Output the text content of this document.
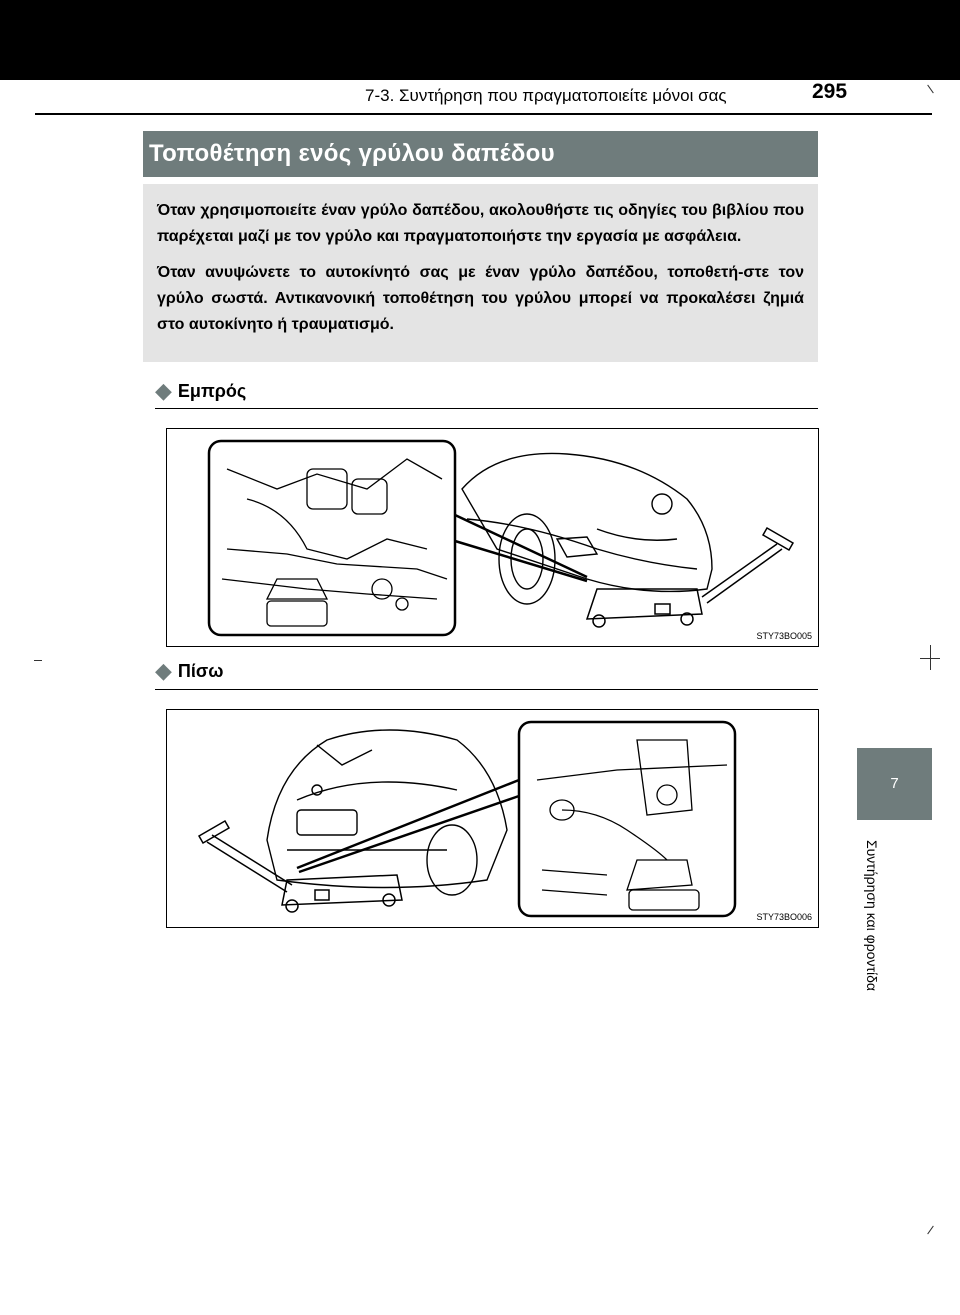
7-3. Συντήρηση που πραγματοποιείτε μόνοι σας	295
Τοποθέτηση ενός γρύλου δαπέδου

Όταν χρησιμοποιείτε έναν γρύλο δαπέδου, ακολουθήστε τις οδηγίες του βιβλίου που παρέχεται μαζί με τον γρύλο και πραγματοποιήστε την εργασία με ασφάλεια.

Όταν ανυψώνετε το αυτοκίνητό σας με έναν γρύλο δαπέδου, τοποθετή-στε τον γρύλο σωστά. Αντικανονική τοποθέτηση του γρύλου μπορεί να προκαλέσει ζημιά στο αυτοκίνητο ή τραυματισμό.

◆ Εμπρός
STY73BO005
◆ Πίσω
STY73BO006
7
Συντήρηση και φροντίδα
